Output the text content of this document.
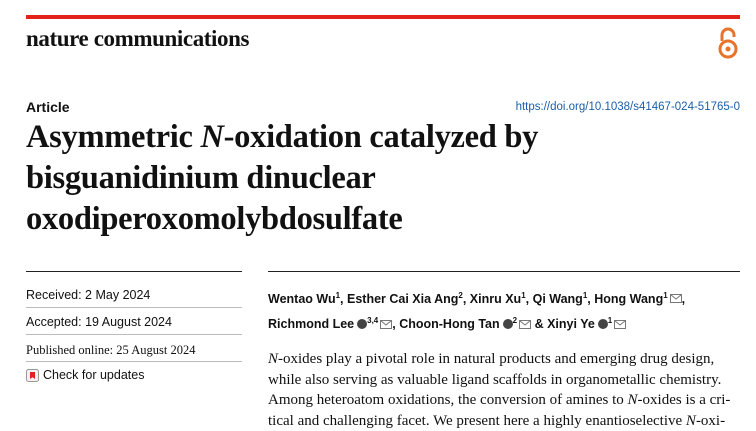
nature communications
Article	https://doi.org/10.1038/s41467-024-51765-0
Asymmetric N-oxidation catalyzed by
bisguanidinium dinuclear
oxodiperoxomolybdosulfate
Received: 2 May 2024
Accepted: 19 August 2024
Published online: 25 August 2024
Check for updates
Wentao Wu$^1$, Esther Cai Xia Ang$^2$, Xinru Xu$^1$, Qi Wang$^1$, Hong Wang$^1$ ,
Richmond Lee $^{3,4}$ , Choon-Hong Tan $^2$ & Xinyi Ye $^1$
N-oxides play a pivotal role in natural products and emerging drug design,
while also serving as valuable ligand scaffolds in organometallic chemistry.
Among heteroatom oxidations, the conversion of amines to N-oxides is a cri-
tical and challenging facet. We present here a highly enantioselective N-oxi-
